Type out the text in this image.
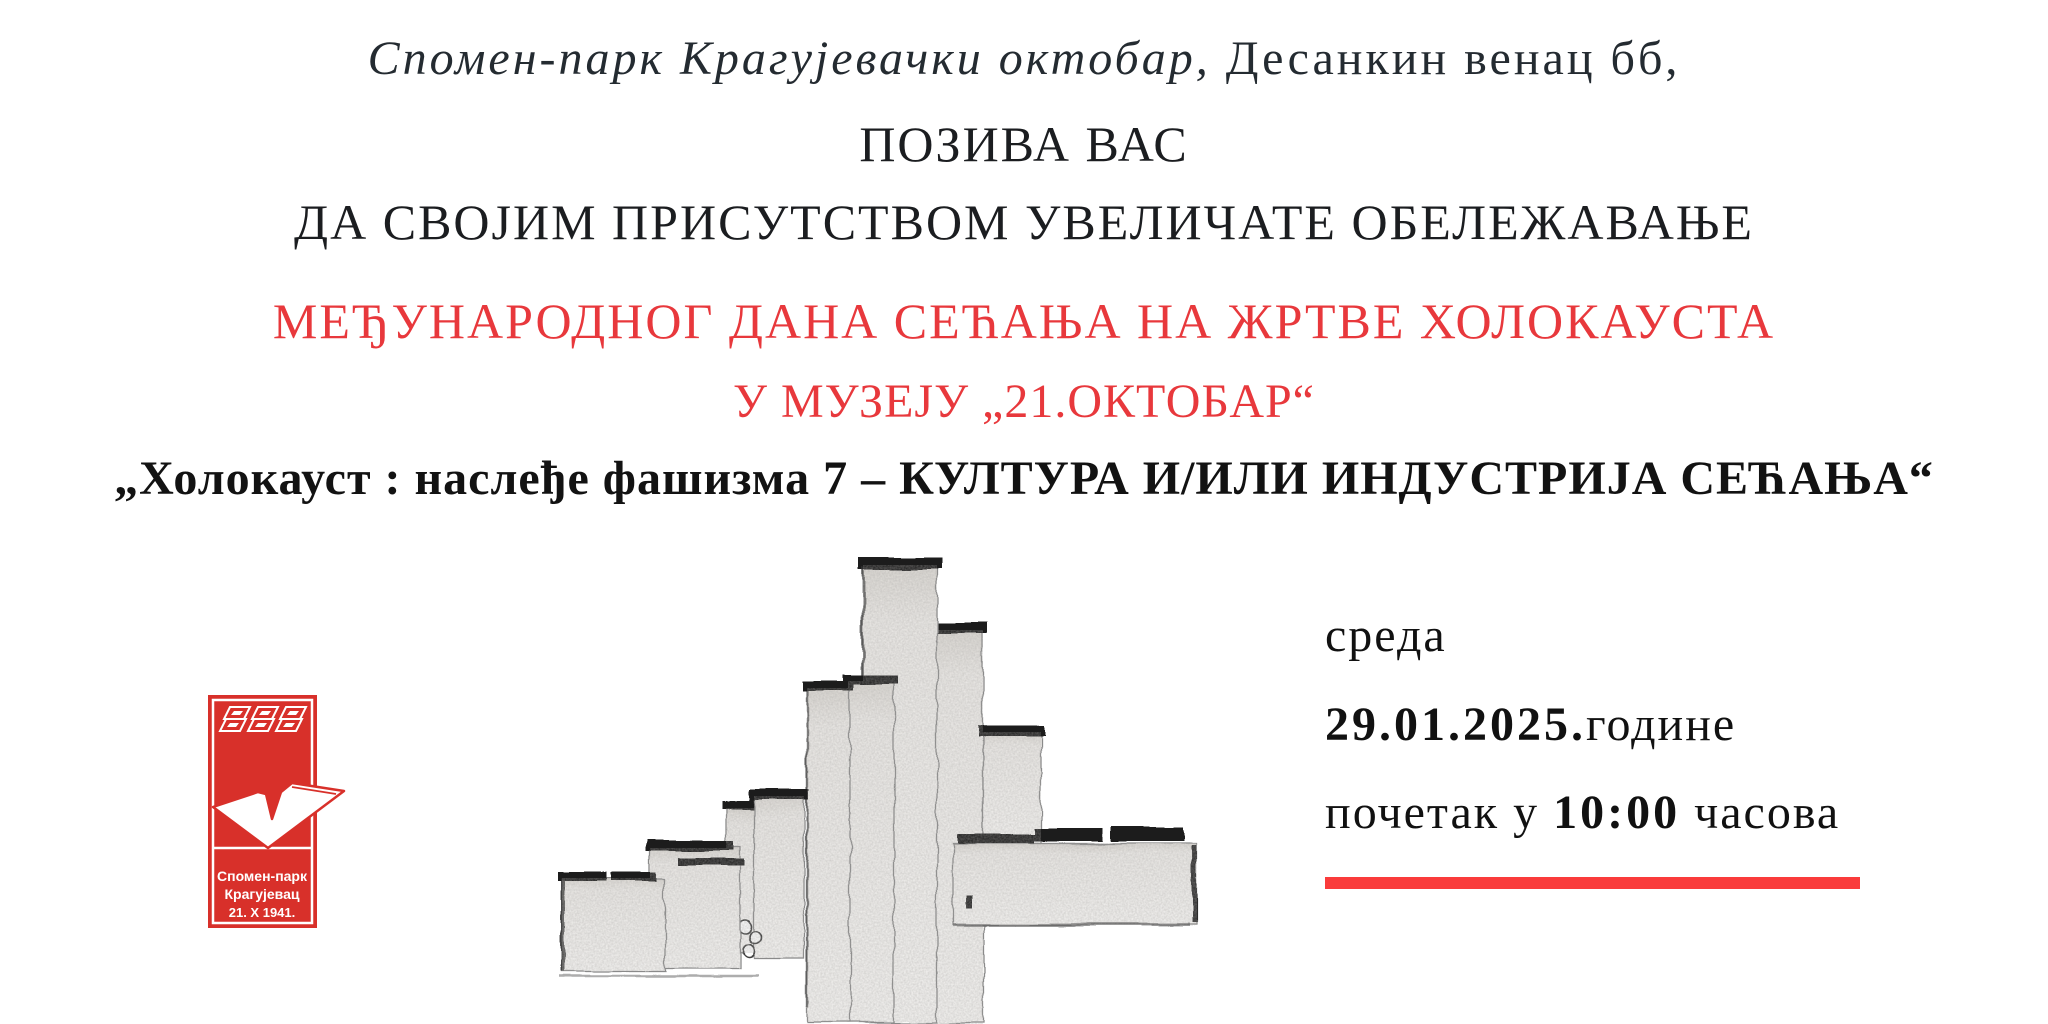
Спомен-парк Крагујевачки октобар, Десанкин венац бб,
ПОЗИВА ВАС
ДА СВОЈИМ ПРИСУТСТВОМ УВЕЛИЧАТЕ ОБЕЛЕЖАВАЊЕ
МЕЂУНАРОДНОГ ДАНА СЕЋАЊА НА ЖРТВЕ ХОЛОКАУСТА
У МУЗЕЈУ „21.ОКТОБАР“
„Холокауст : наслеђе фашизма 7 – КУЛТУРА И/ИЛИ ИНДУСТРИЈА СЕЋАЊА“
Спомен-парк
Крагујевац
21. X 1941.
среда
29.01.2025.године
почетак у 10:00 часова
